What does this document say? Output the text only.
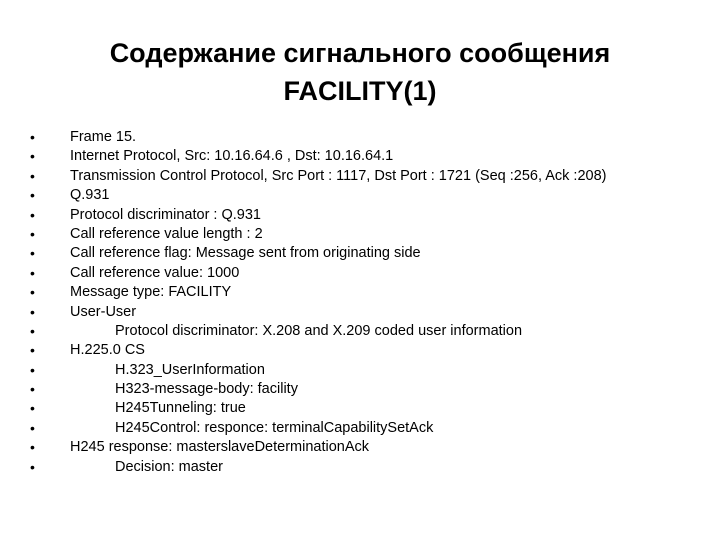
Содержание сигнального сообщения
FACILITY(1)
•	Frame 15.
•	Internet Protocol, Src: 10.16.64.6 , Dst: 10.16.64.1
•	Transmission Control Protocol, Src Port : 1117, Dst Port : 1721 (Seq :256, Ack :208)
•	Q.931
•	Protocol discriminator : Q.931
•	Call reference value length : 2
•	Call reference flag: Message sent from originating side
•	Call reference value: 1000
•	Message type: FACILITY
•	User-User
•	Protocol discriminator: X.208 and X.209 coded user information
•	H.225.0 CS
•	H.323_UserInformation
•	H323-message-body: facility
•	H245Tunneling: true
•	H245Control: responce: terminalCapabilitySetAck
•	H245 response: masterslaveDeterminationAck
•	Decision: master
